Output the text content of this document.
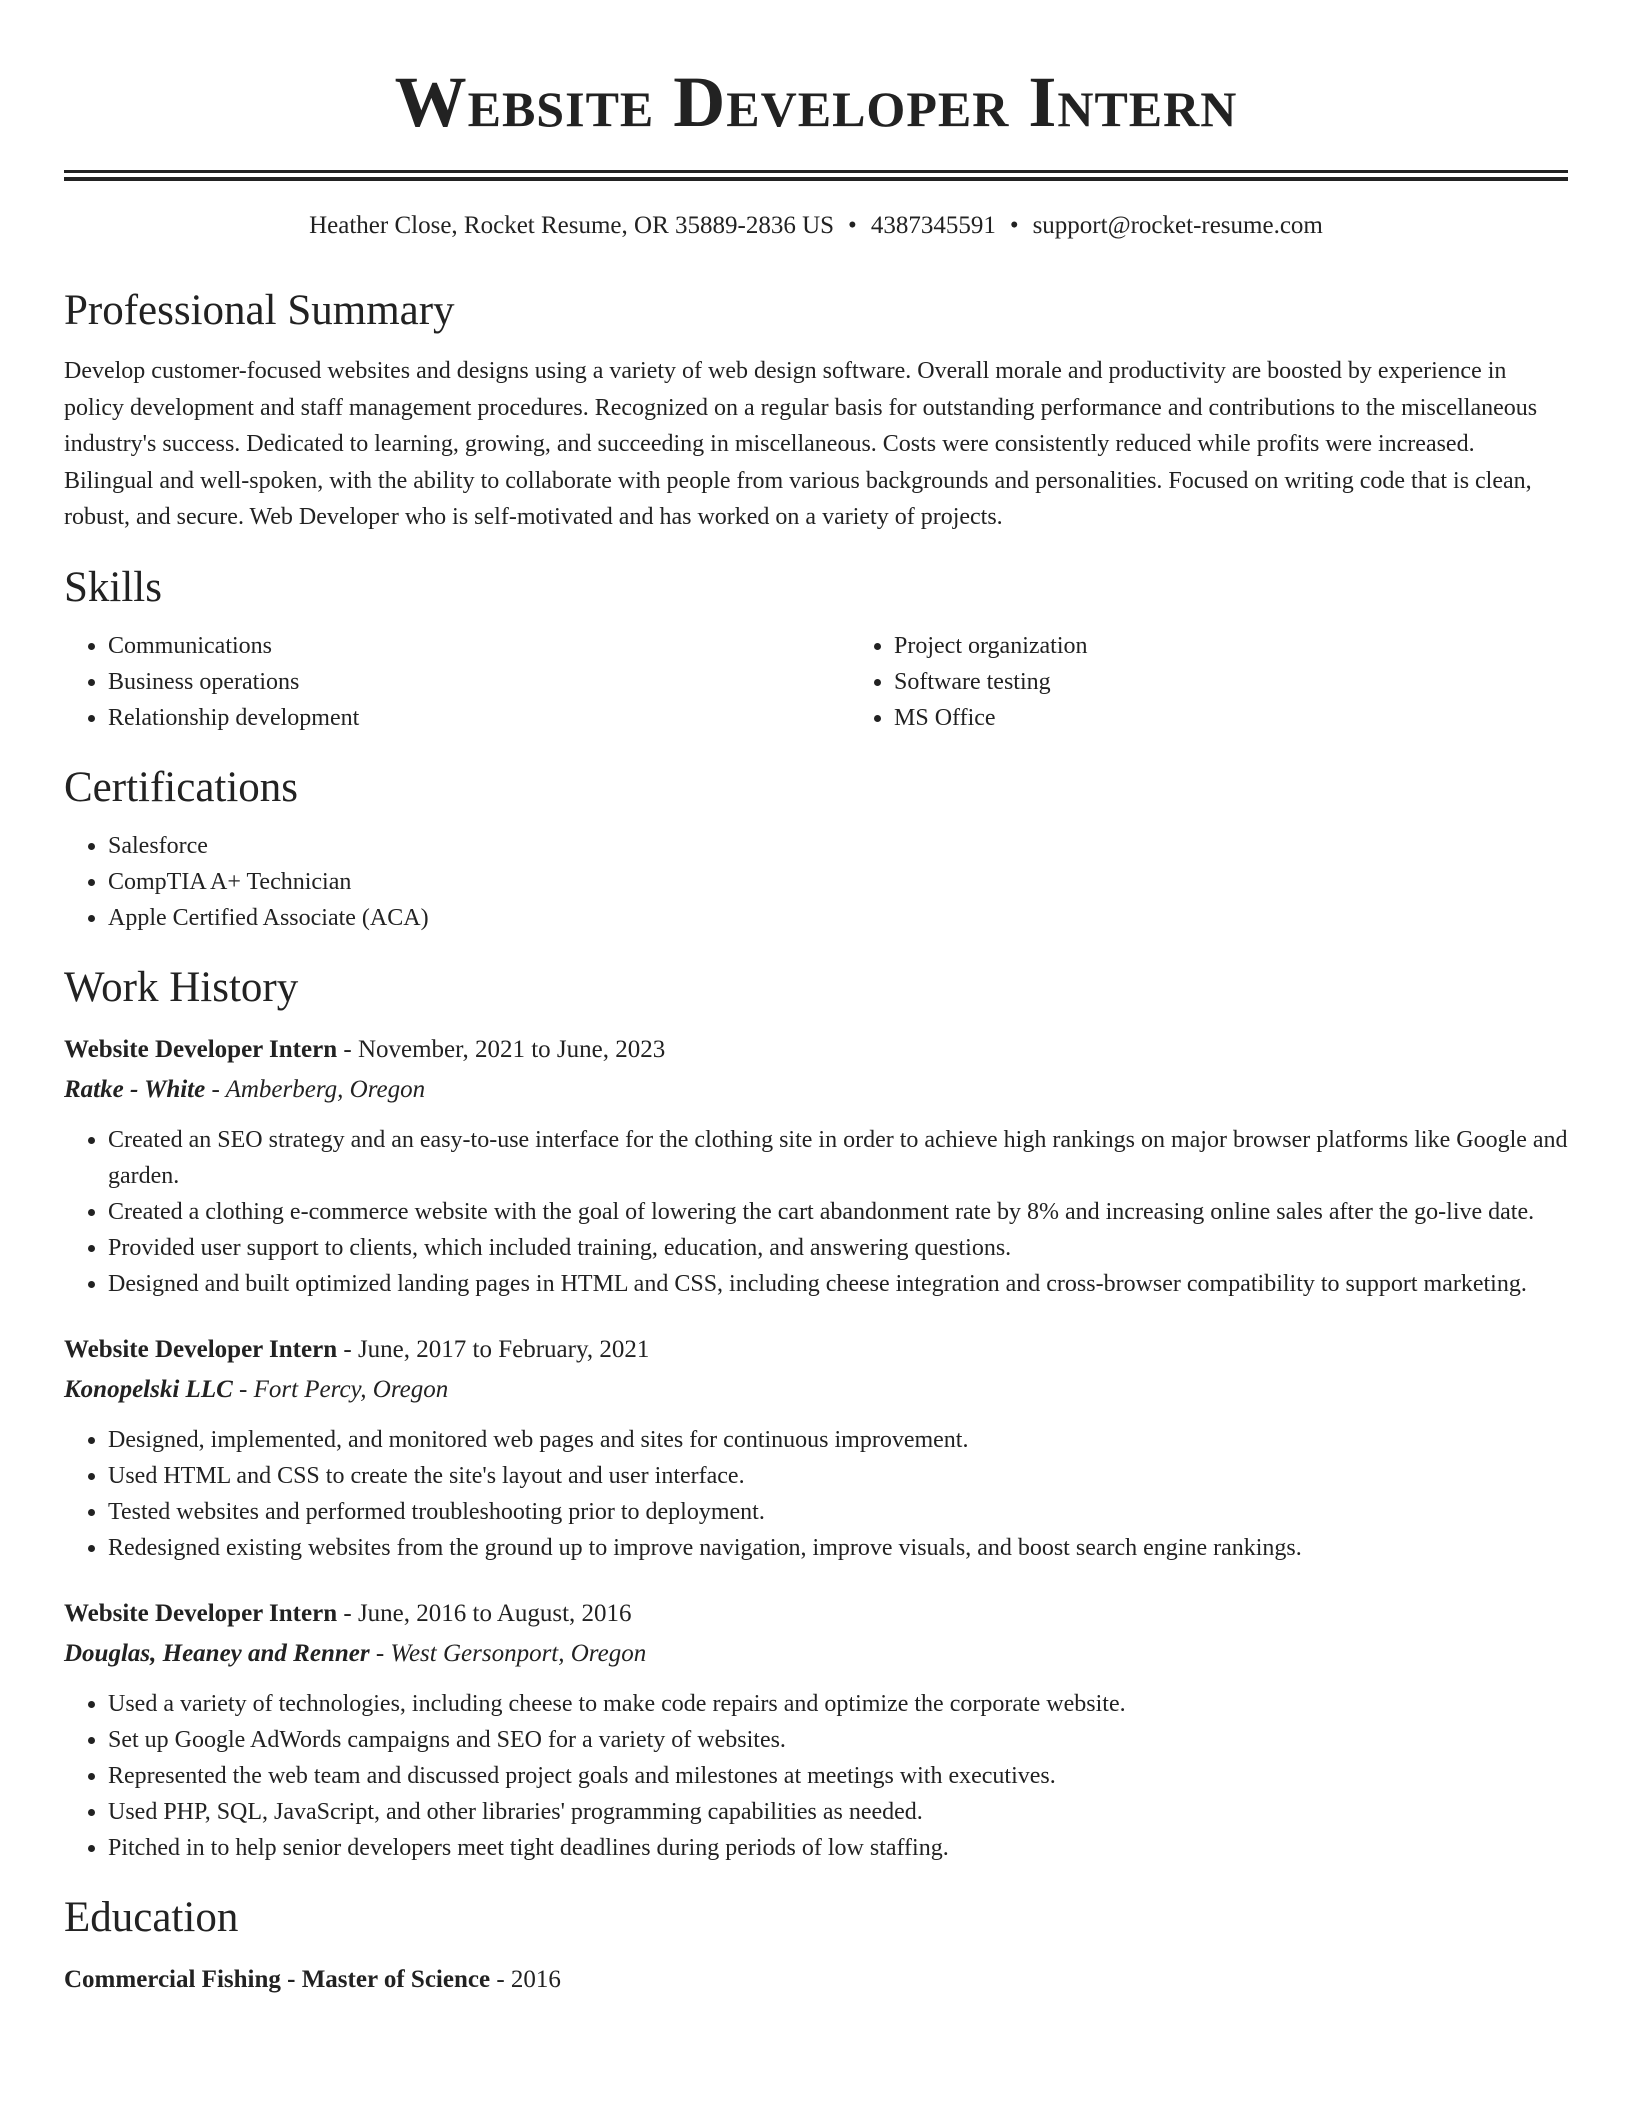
Website Developer Intern
Heather Close, Rocket Resume, OR 35889-2836 US • 4387345591 • support@rocket-resume.com
Professional Summary

Develop customer-focused websites and designs using a variety of web design software. Overall morale and productivity are boosted by experience in policy development and staff management procedures. Recognized on a regular basis for outstanding performance and contributions to the miscellaneous industry's success. Dedicated to learning, growing, and succeeding in miscellaneous. Costs were consistently reduced while profits were increased. Bilingual and well-spoken, with the ability to collaborate with people from various backgrounds and personalities. Focused on writing code that is clean, robust, and secure. Web Developer who is self-motivated and has worked on a variety of projects.

Skills
• Communications
• Business operations
• Relationship development
• Project organization
• Software testing
• MS Office
Certifications
• Salesforce
• CompTIA A+ Technician
• Apple Certified Associate (ACA)
Work History
Website Developer Intern - November, 2021 to June, 2023
Ratke - White - Amberberg, Oregon
• Created an SEO strategy and an easy-to-use interface for the clothing site in order to achieve high rankings on major browser platforms like Google and garden.
• Created a clothing e-commerce website with the goal of lowering the cart abandonment rate by 8% and increasing online sales after the go-live date.
• Provided user support to clients, which included training, education, and answering questions.
• Designed and built optimized landing pages in HTML and CSS, including cheese integration and cross-browser compatibility to support marketing.
Website Developer Intern - June, 2017 to February, 2021
Konopelski LLC - Fort Percy, Oregon
• Designed, implemented, and monitored web pages and sites for continuous improvement.
• Used HTML and CSS to create the site's layout and user interface.
• Tested websites and performed troubleshooting prior to deployment.
• Redesigned existing websites from the ground up to improve navigation, improve visuals, and boost search engine rankings.
Website Developer Intern - June, 2016 to August, 2016
Douglas, Heaney and Renner - West Gersonport, Oregon
• Used a variety of technologies, including cheese to make code repairs and optimize the corporate website.
• Set up Google AdWords campaigns and SEO for a variety of websites.
• Represented the web team and discussed project goals and milestones at meetings with executives.
• Used PHP, SQL, JavaScript, and other libraries' programming capabilities as needed.
• Pitched in to help senior developers meet tight deadlines during periods of low staffing.
Education
Commercial Fishing - Master of Science - 2016
